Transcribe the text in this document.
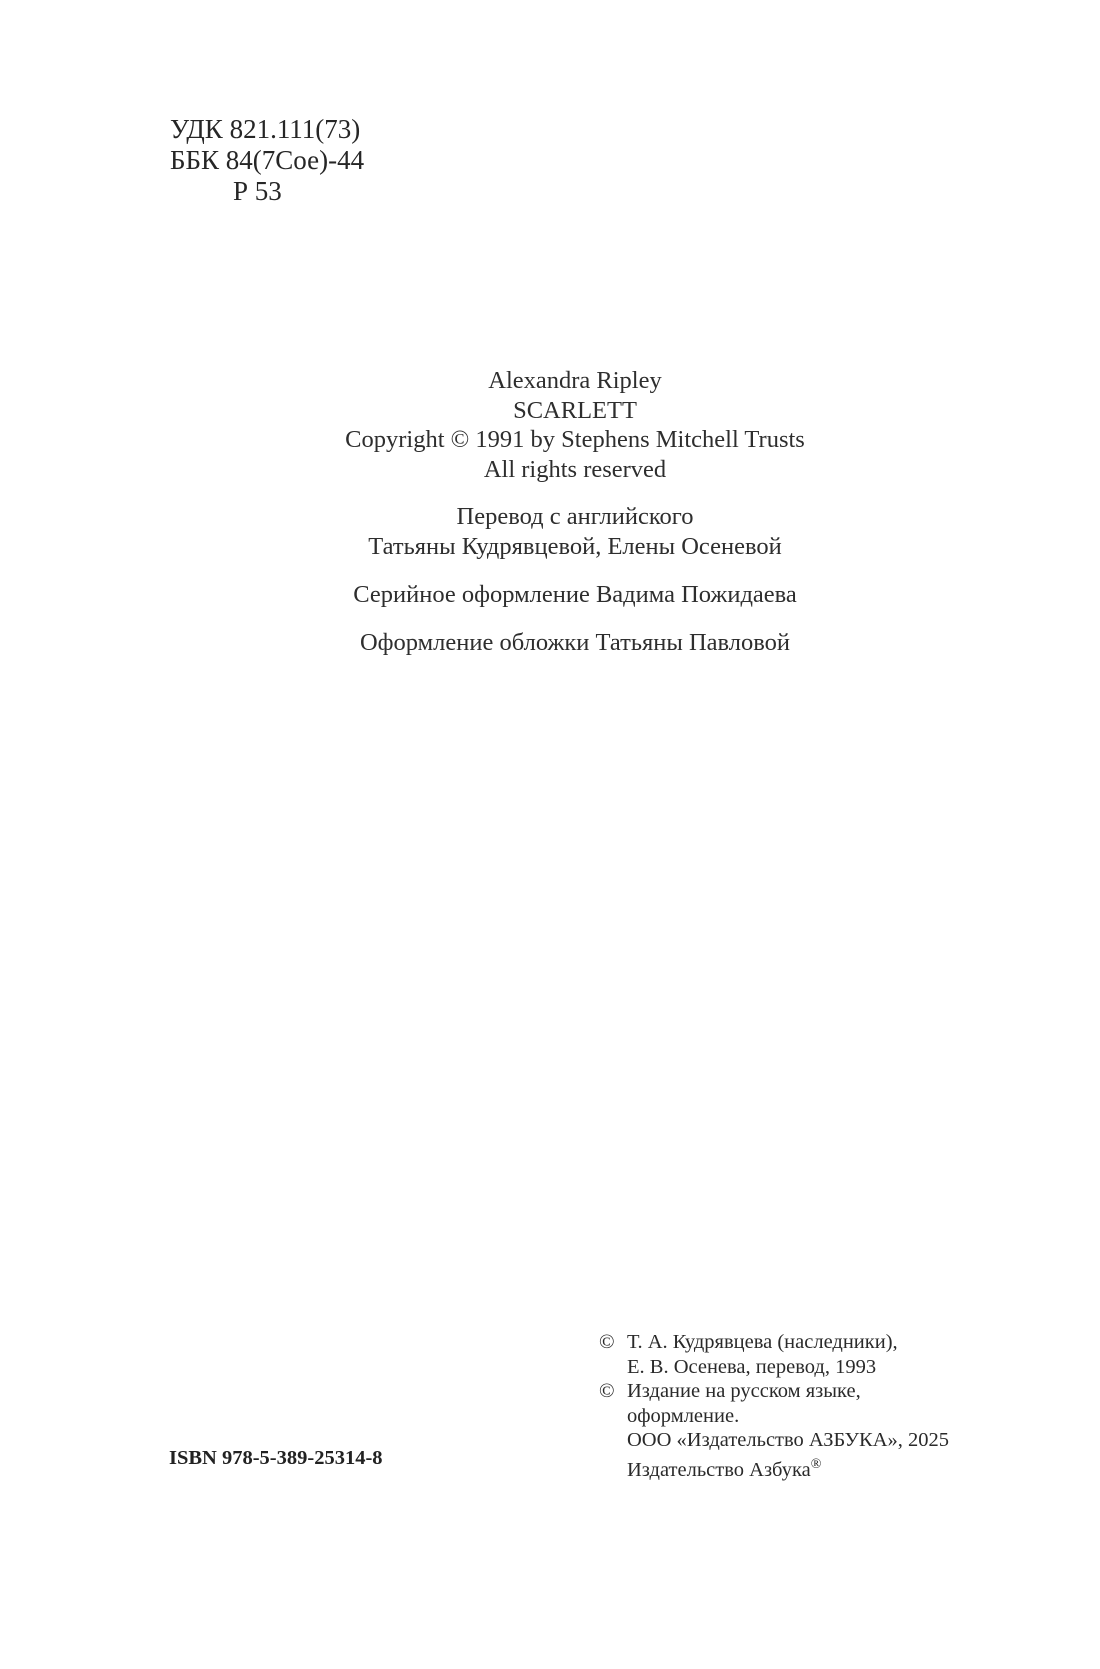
УДК 821.111(73)
ББК 84(7Сое)-44
Р 53
Alexandra Ripley
SCARLETT
Copyright © 1991 by Stephens Mitchell Trusts
All rights reserved
Перевод с английского
Татьяны Кудрявцевой, Елены Осеневой
Серийное оформление Вадима Пожидаева
Оформление обложки Татьяны Павловой
ISBN 978-5-389-25314-8
© Т. А. Кудрявцева (наследники),
Е. В. Осенева, перевод, 1993
© Издание на русском языке,
оформление.
ООО «Издательство АЗБУКА», 2025
Издательство Азбука®
